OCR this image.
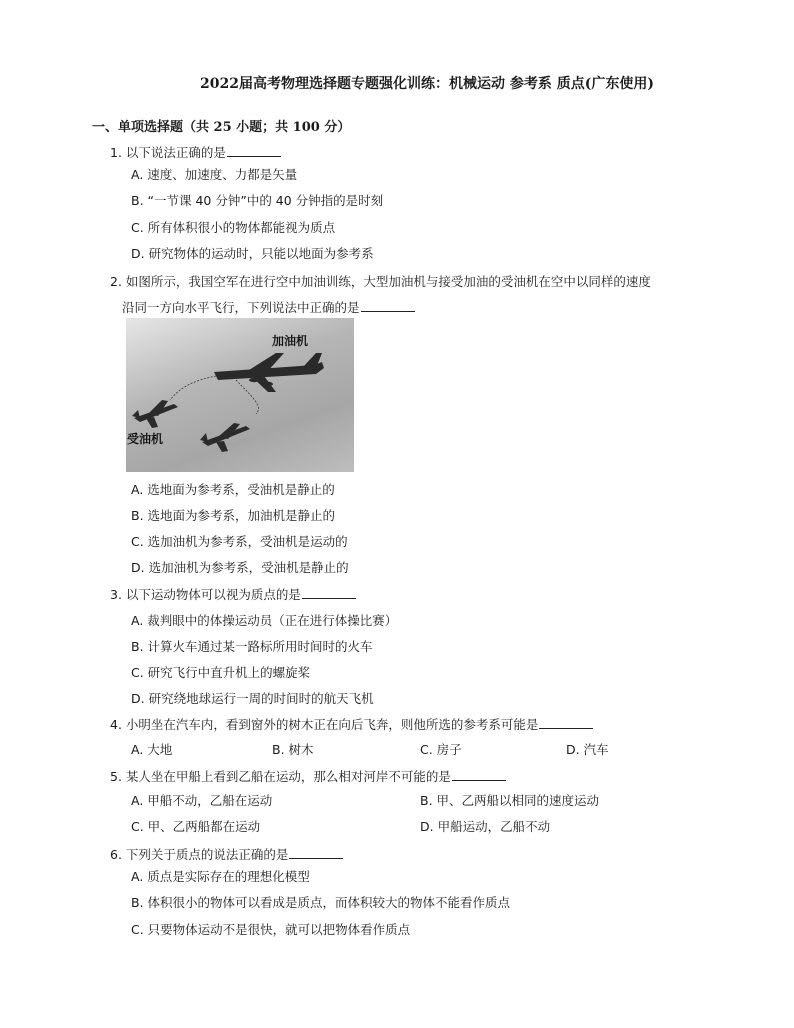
2022届高考物理选择题专题强化训练：机械运动 参考系 质点(广东使用)
一、单项选择题（共 25 小题；共 100 分）
1. 以下说法正确的是
A. 速度、加速度、力都是矢量
B. “一节课 40 分钟”中的 40 分钟指的是时刻
C. 所有体积很小的物体都能视为质点
D. 研究物体的运动时，只能以地面为参考系
2. 如图所示，我国空军在进行空中加油训练，大型加油机与接受加油的受油机在空中以同样的速度
沿同一方向水平飞行，下列说法中正确的是
加油机
受油机
A. 选地面为参考系，受油机是静止的
B. 选地面为参考系，加油机是静止的
C. 选加油机为参考系，受油机是运动的
D. 选加油机为参考系，受油机是静止的
3. 以下运动物体可以视为质点的是
A. 裁判眼中的体操运动员（正在进行体操比赛）
B. 计算火车通过某一路标所用时间时的火车
C. 研究飞行中直升机上的螺旋桨
D. 研究绕地球运行一周的时间时的航天飞机
4. 小明坐在汽车内，看到窗外的树木正在向后飞奔，则他所选的参考系可能是
A. 大地	B. 树木	C. 房子	D. 汽车
5. 某人坐在甲船上看到乙船在运动，那么相对河岸不可能的是
A. 甲船不动，乙船在运动	B. 甲、乙两船以相同的速度运动
C. 甲、乙两船都在运动	D. 甲船运动，乙船不动
6. 下列关于质点的说法正确的是
A. 质点是实际存在的理想化模型
B. 体积很小的物体可以看成是质点，而体积较大的物体不能看作质点
C. 只要物体运动不是很快，就可以把物体看作质点
